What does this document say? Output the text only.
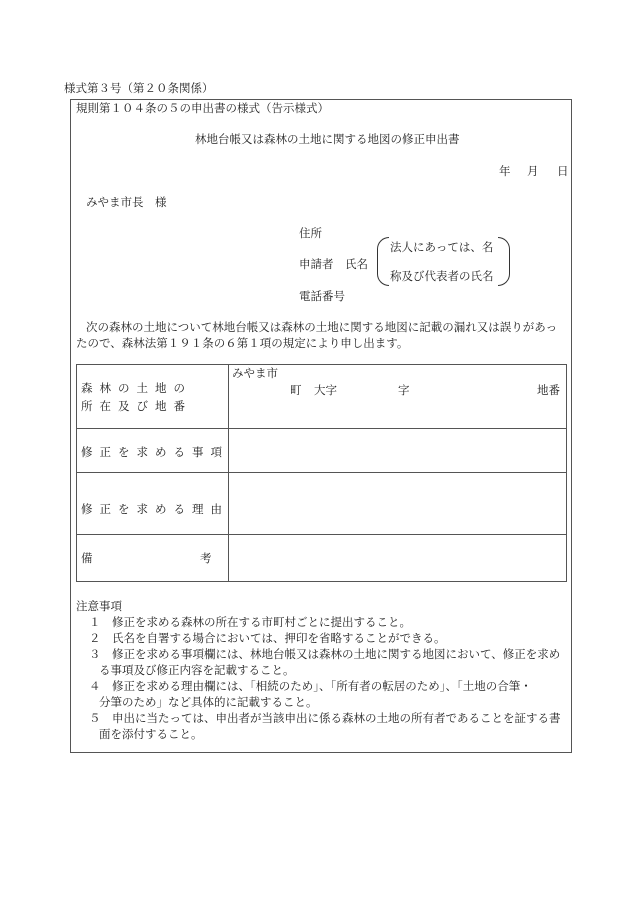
様式第３号（第２０条関係）
規則第１０４条の５の申出書の様式（告示様式）
林地台帳又は森林の土地に関する地図の修正申出書
年 月 日
みやま市長　様
住所
申請者 氏名
法人にあっては、名
称及び代表者の氏名
電話番号
次の森林の土地について林地台帳又は森林の土地に関する地図に記載の漏れ又は誤りがあっ
たので、森林法第１９１条の６第１項の規定により申し出ます。
森林の土地の
所在及び地番
みやま市
町 大字	字	地番
修正を求める事項
修正を求める理由
備	考
注意事項
１　修正を求める森林の所在する市町村ごとに提出すること。
２　氏名を自署する場合においては、押印を省略することができる。
３　修正を求める事項欄には、林地台帳又は森林の土地に関する地図において、修正を求め
る事項及び修正内容を記載すること。
４　修正を求める理由欄には、「相続のため」、「所有者の転居のため」、「土地の合筆・
分筆のため」など具体的に記載すること。
５　申出に当たっては、申出者が当該申出に係る森林の土地の所有者であることを証する書
面を添付すること。
